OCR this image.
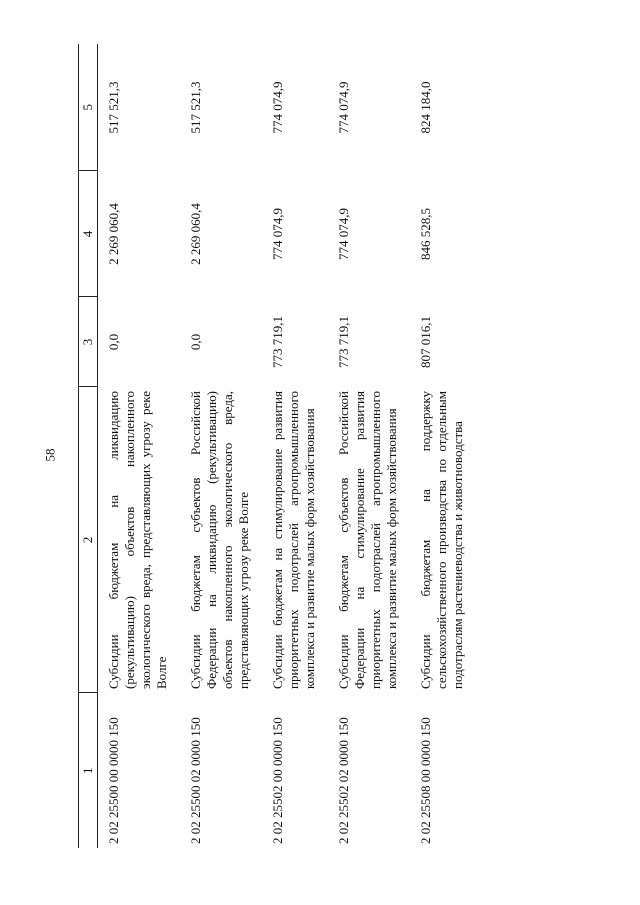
58
1	2	3	4	5
2 02 25500 00 0000 150	Субсидии бюджетам на ликвидацию (рекультивацию) объектов накопленного экологического вреда, представляющих угрозу реке Волге	0,0	2 269 060,4	517 521,3
2 02 25500 02 0000 150	Субсидии бюджетам субъектов Российской Федерации на ликвидацию (рекультивацию) объектов накопленного экологического вреда, представляющих угрозу реке Волге	0,0	2 269 060,4	517 521,3
2 02 25502 00 0000 150	Субсидии бюджетам на стимулирование развития приоритетных подотраслей агропромышленного комплекса и развитие малых форм хозяйствования	773 719,1	774 074,9	774 074,9
2 02 25502 02 0000 150	Субсидии бюджетам субъектов Российской Федерации на стимулирование развития приоритетных подотраслей агропромышленного комплекса и развитие малых форм хозяйствования	773 719,1	774 074,9	774 074,9
2 02 25508 00 0000 150	Субсидии бюджетам на поддержку сельскохозяйственного производства по отдельным подотраслям растениеводства и животноводства	807 016,1	846 528,5	824 184,0
